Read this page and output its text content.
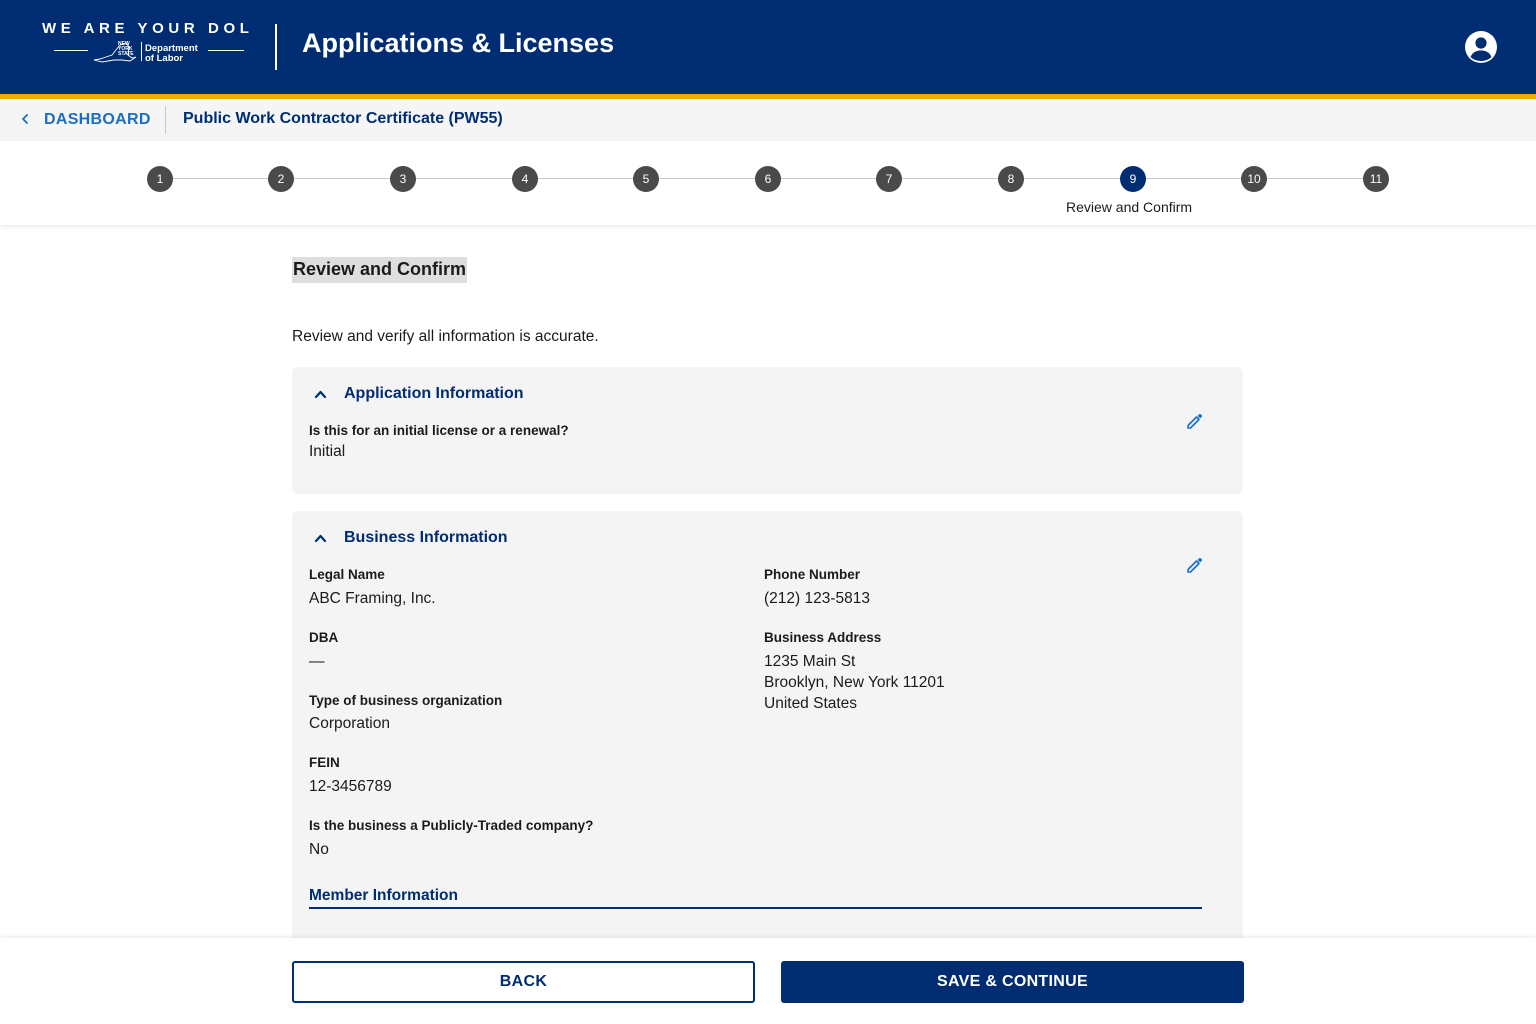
WE ARE YOUR DOL
NEW
YORK
STATE Department
of Labor
Applications & Licenses
DASHBOARD Public Work Contractor Certificate (PW55)
1	2	3	4	5	6	7	8	9	10	11
Review and Confirm
Review and Confirm
Review and verify all information is accurate.
Application Information
Is this for an initial license or a renewal?
Initial
Business Information
Legal Name
ABC Framing, Inc.
DBA
—
Type of business organization
Corporation
FEIN
12-3456789
Is the business a Publicly-Traded company?
No
Phone Number
(212) 123-5813
Business Address
1235 Main St
Brooklyn, New York 11201
United States
Member Information
BACK	SAVE & CONTINUE
